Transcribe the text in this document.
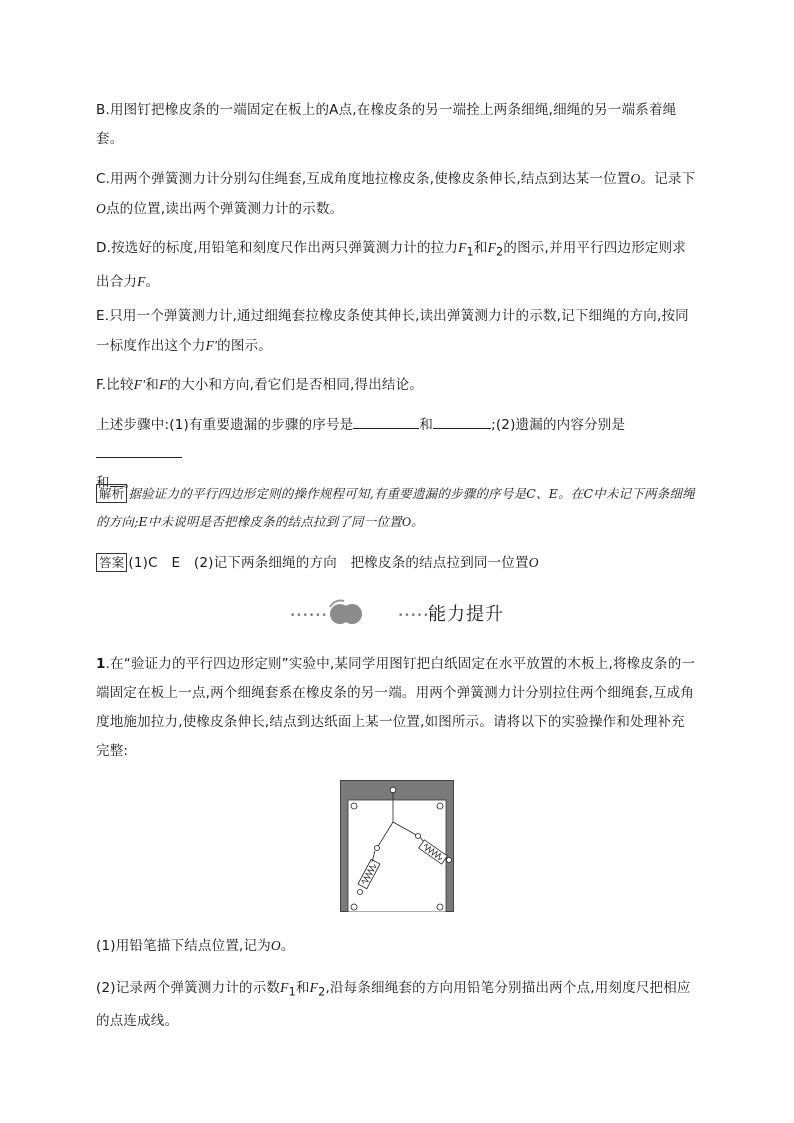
B.用图钉把橡皮条的一端固定在板上的A点,在橡皮条的另一端拴上两条细绳,细绳的另一端系着绳套。
C.用两个弹簧测力计分别勾住绳套,互成角度地拉橡皮条,使橡皮条伸长,结点到达某一位置O。记录下O点的位置,读出两个弹簧测力计的示数。
D.按选好的标度,用铅笔和刻度尺作出两只弹簧测力计的拉力$F_1$和$F_2$的图示,并用平行四边形定则求出合力F。
E.只用一个弹簧测力计,通过细绳套拉橡皮条使其伸长,读出弹簧测力计的示数,记下细绳的方向,按同一标度作出这个力F'的图示。
F.比较F'和F的大小和方向,看它们是否相同,得出结论。
上述步骤中:(1)有重要遗漏的步骤的序号是	和	;(2)遗漏的内容分别是
和 。
解析 据验证力的平行四边形定则的操作规程可知,有重要遗漏的步骤的序号是C、E。在C中未记下两条细绳的方向;E中未说明是否把橡皮条的结点拉到了同一位置O。
答案 (1)C　E　(2)记下两条细绳的方向　把橡皮条的结点拉到同一位置O
••••••	••••••
能力提升
1.在“验证力的平行四边形定则”实验中,某同学用图钉把白纸固定在水平放置的木板上,将橡皮条的一端固定在板上一点,两个细绳套系在橡皮条的另一端。用两个弹簧测力计分别拉住两个细绳套,互成角度地施加拉力,使橡皮条伸长,结点到达纸面上某一位置,如图所示。请将以下的实验操作和处理补充完整:
(1)用铅笔描下结点位置,记为O。
(2)记录两个弹簧测力计的示数$F_1$和$F_2$,沿每条细绳套的方向用铅笔分别描出两个点,用刻度尺把相应的点连成线。
